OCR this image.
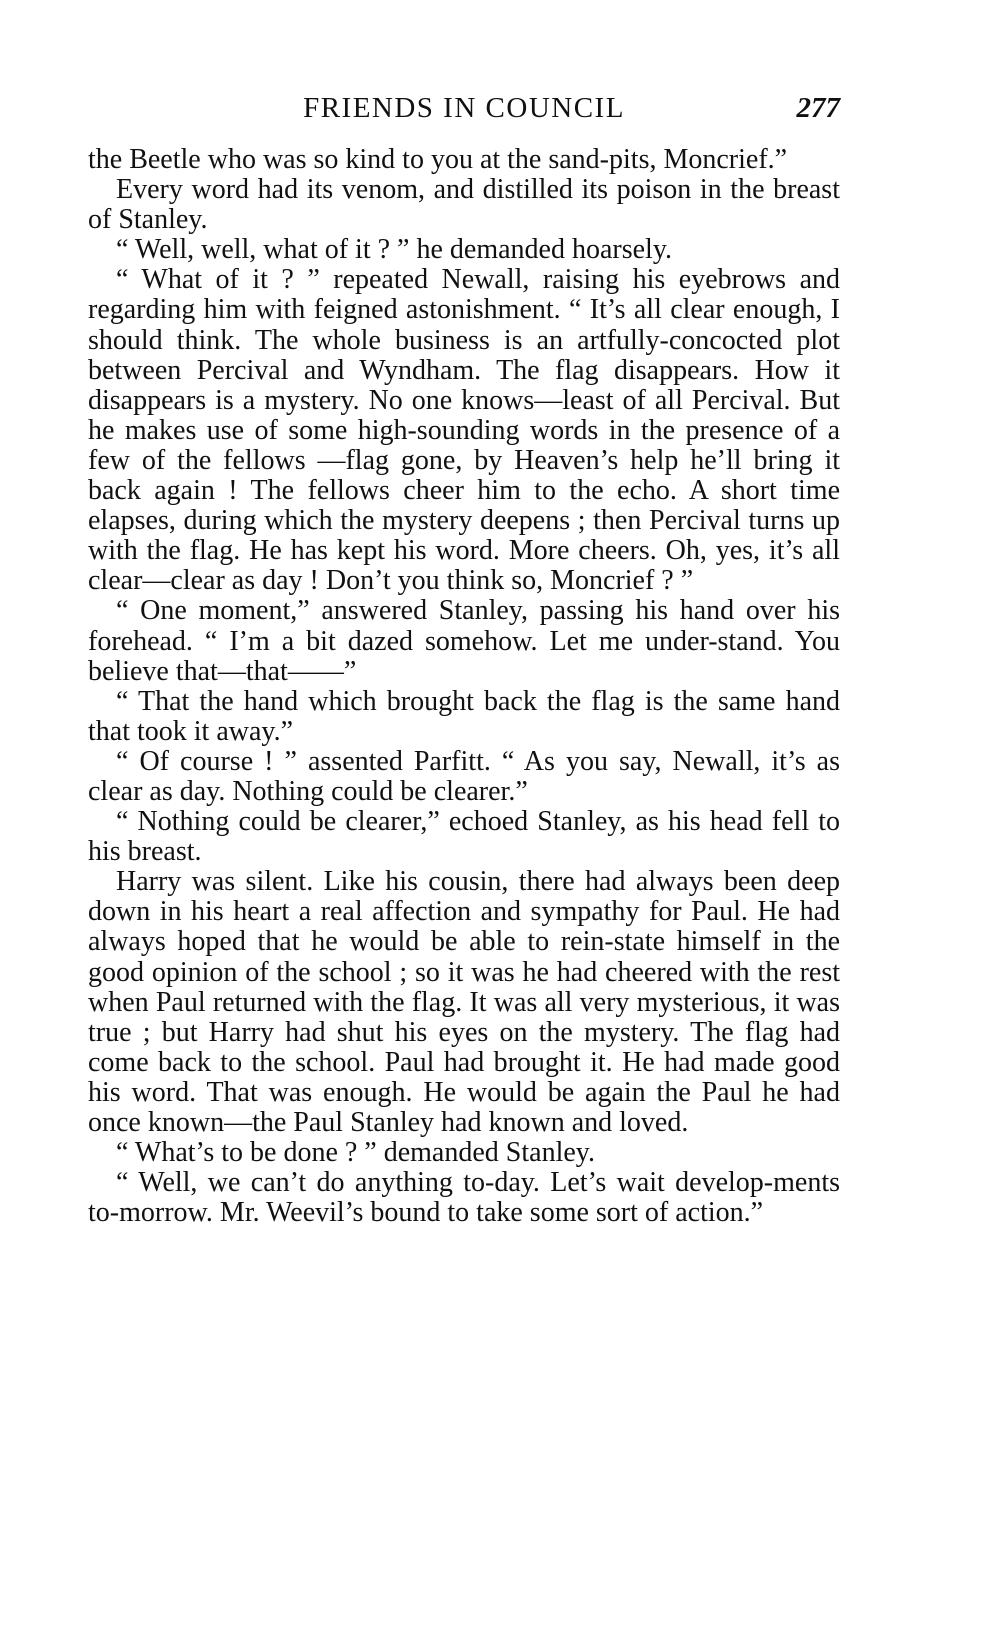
FRIENDS IN COUNCIL	277

the Beetle who was so kind to you at the sand-pits, Moncrief.”

Every word had its venom, and distilled its poison in the breast of Stanley.

“ Well, well, what of it ? ” he demanded hoarsely.

“ What of it ? ” repeated Newall, raising his eyebrows and regarding him with feigned astonishment. “ It’s all clear enough, I should think. The whole business is an artfully-concocted plot between Percival and Wyndham. The flag disappears. How it disappears is a mystery. No one knows—least of all Percival. But he makes use of some high-sounding words in the presence of a few of the fellows —flag gone, by Heaven’s help he’ll bring it back again ! The fellows cheer him to the echo. A short time elapses, during which the mystery deepens ; then Percival turns up with the flag. He has kept his word. More cheers. Oh, yes, it’s all clear—clear as day ! Don’t you think so, Moncrief ? ”

“ One moment,” answered Stanley, passing his hand over his forehead. “ I’m a bit dazed somehow. Let me under-stand. You believe that—that——”

“ That the hand which brought back the flag is the same hand that took it away.”

“ Of course ! ” assented Parfitt. “ As you say, Newall, it’s as clear as day. Nothing could be clearer.”

“ Nothing could be clearer,” echoed Stanley, as his head fell to his breast.

Harry was silent. Like his cousin, there had always been deep down in his heart a real affection and sympathy for Paul. He had always hoped that he would be able to rein-state himself in the good opinion of the school ; so it was he had cheered with the rest when Paul returned with the flag. It was all very mysterious, it was true ; but Harry had shut his eyes on the mystery. The flag had come back to the school. Paul had brought it. He had made good his word. That was enough. He would be again the Paul he had once known—the Paul Stanley had known and loved.

“ What’s to be done ? ” demanded Stanley.

“ Well, we can’t do anything to-day. Let’s wait develop-ments to-morrow. Mr. Weevil’s bound to take some sort of action.”
